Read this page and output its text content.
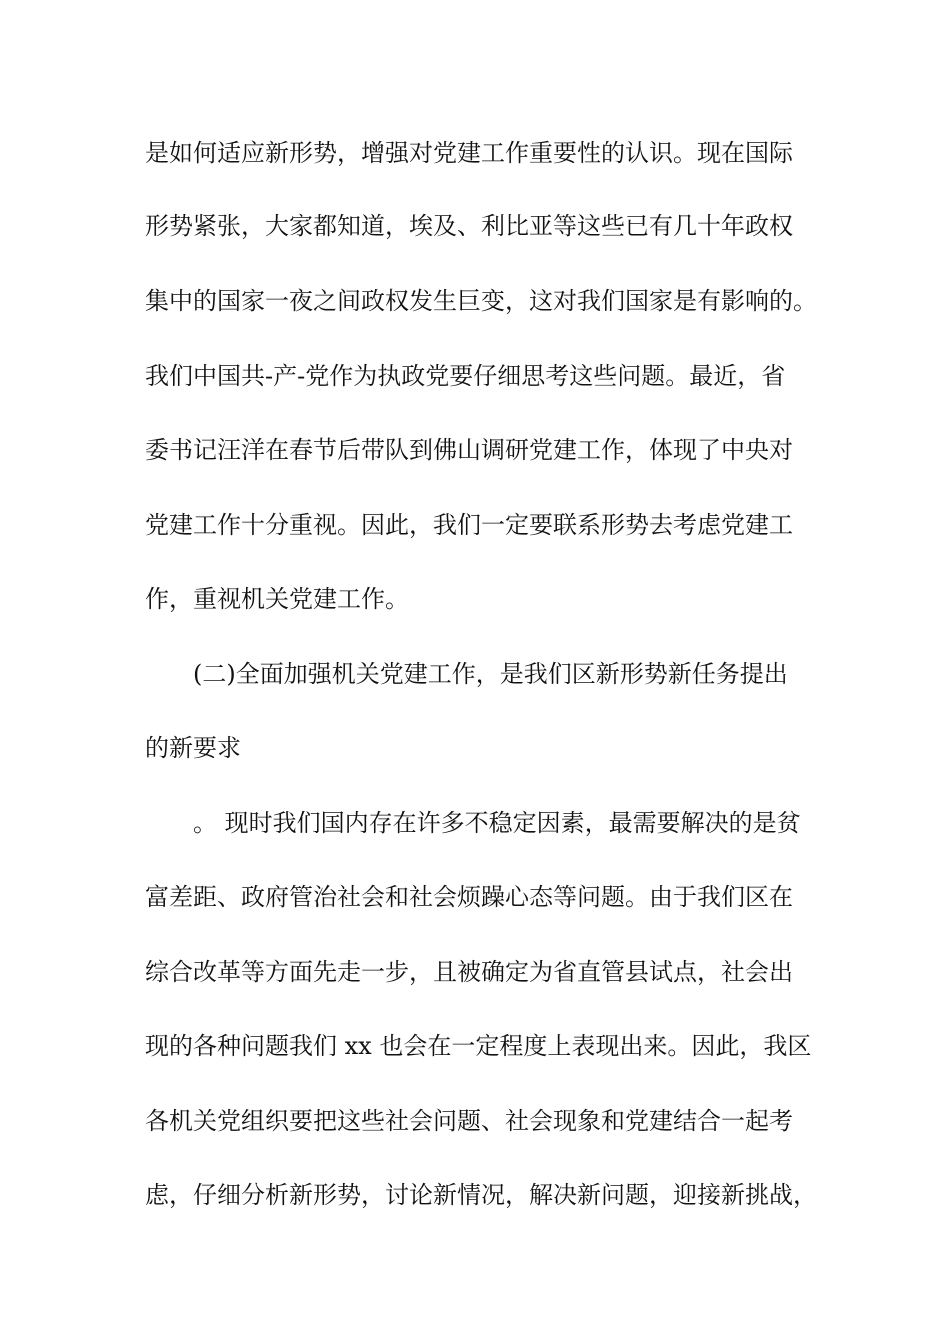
是如何适应新形势，增强对党建工作重要性的认识。现在国际
形势紧张，大家都知道，埃及、利比亚等这些已有几十年政权
集中的国家一夜之间政权发生巨变，这对我们国家是有影响的。
我们中国共-产-党作为执政党要仔细思考这些问题。最近，省
委书记汪洋在春节后带队到佛山调研党建工作，体现了中央对
党建工作十分重视。因此，我们一定要联系形势去考虑党建工
作，重视机关党建工作。
(二)全面加强机关党建工作，是我们区新形势新任务提出
的新要求
。 现时我们国内存在许多不稳定因素，最需要解决的是贫
富差距、政府管治社会和社会烦躁心态等问题。由于我们区在
综合改革等方面先走一步，且被确定为省直管县试点，社会出
现的各种问题我们 xx 也会在一定程度上表现出来。因此，我区
各机关党组织要把这些社会问题、社会现象和党建结合一起考
虑，仔细分析新形势，讨论新情况，解决新问题，迎接新挑战，
